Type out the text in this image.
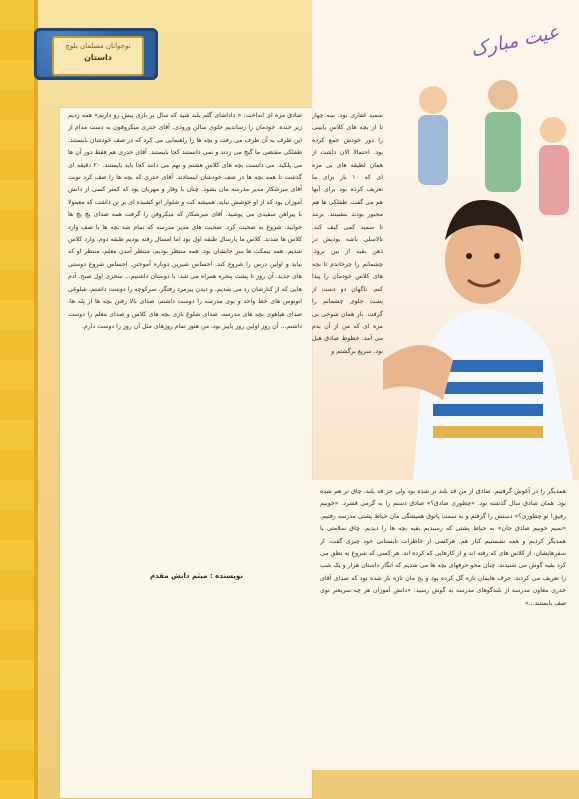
نوجوانان مسلمان بلوچ
داستان	عیت مبارک

صادق مزه ای انداخت: « داداشای گلم بلند شید که سال پر باری پیش رو داریم» همه زدیم زیر خنده. خودمان را رساندیم جلوی سالن ورودی. آقای خدری میکروفون به دست مدام از این طرف به آن طرف می رفت و بچه ها را راهنمایی می کرد که در صف خودشان بایستند. طفلکی مقتضی ما گیج می زدند و نمی دانستند کجا بایستند. آقای خدری هم فقط دور آن ها می پلکید. می دانست بچه های کلاس هشتم و نهم می دانند کجا باید بایستند. ۲۰ دقیقه ای گذشت تا همه بچه ها در صف خودشان ایستادند. آقای خدری که بچه ها را صف کرد نوبت آقای میرشکار مدیر مدرسه مان بشود. چنان با وقار و مهربان بود که کمتر کسی از دانش آموزان بود که از او خوشش نیاید. همیشه کت و شلوار اتو کشیده ای بر تن داشت که معمولا با پیراهن سفیدی می پوشید. آقای میرشکار که میکروفن را گرفت همه صدای پچ پچ ها خوابید. شروع به صحبت کرد. صحبت های مدیر مدرسه که تمام شد بچه ها با صف وارد کلاس ها شدند. کلاس ما پارسال طبقه اول بود اما امسال رفته بودیم طبقه دوم. وارد کلاس شدیم. همه نیمکت ها سر جایشان بود. همه منتظر بودیم، منتظر آمدن معلم، منتظر او که بیاید و اولین درس را شروع کند. احساس شیرین دوباره آموختن. احساس شروع دوستی های جدید. آن روز تا پشت پنجره همراه می شد. با دوستان داشتیم... سحری اول صبح. آدم هایی که از کنارشان رد می شدیم، و دیدن پیرمرد رفتگر. سرکوچه را دوست داشتم، شلوغی اتوبوس های خط واحد و بوی مدرسه را دوست داشتم، صدای بالا رفتن بچه ها از پله ها، صدای هیاهوی بچه های مدرسه، صدای شلوغ بازی بچه های کلاس و صدای معلم را دوست داشتم... آن روز اولین روز پاییز بود، من هنوز تمام روزهای مثل آن روز را دوست دارم.

سمید غفاری بود. سه چهار تا از بچه های کلاس پایینی را دور خودش جمع کرده بود. احتمالا الان داشت از همان لطیفه های بی مزه ای که ۱۰ بار برای ما تعریف کرده بود برای آنها هم می گفت. طفلکی ها هم مجبور بودند بنشینند. بزنند تا سمید کمی کیف کند. تالاسلی باشه بودیش در ذهن بقیه از بین نرود. چشمانم را چرخاندم تا بچه های کلاس خودمان را پیدا کنم. ناگهان دو دست از پشت جلوی چشمانم را گرفت. باز همان شوخی بی مزه ای که من از آن بدم می آمد. خطوط صادق هبل بود. سریع برگشتم و

همدیگر را در آغوش گرفتیم. صادق از من قد بلند تر شده بود ولی جز قد بلند، چاق تر هم شده بود. همان صادق سال گذشته بود. «چطوری صادق؟» صادق دستم را به گرمی فشرد. «خوبیم رفیق! تو چطوری؟» دستش را گرفتم و به سمت پاتوق همیشگی مان حیاط پشتی مدرسه رفتیم. «نمیم خوبیم صادق جان» به حیاط پشتی که رسیدیم بقیه بچه ها را دیدیم. چاق سلامتی با همدیگر کردیم و همه نشستیم کنار هم. هرکسی از خاطرات تابستانی خود چیزی گفت. از سفرهایشان، از کلاس های که رفته اند و از کارهایی که کرده اند. هر کسی که شروع به نطق می کرد بقیه گوش می شنیدند. چنان محو حرفهای بچه ها می شدیم که انگار داستان هزار و یک شب را تعریف می کردند. حرف هایمان تازه گل کرده بود و یخ مان تازه باز شده بود که صدای آقای خدری معاون مدرسه از بلندگوهای مدرسه به گوش رسید: «دانش آموزان هر چه سریعتر توی صف بایستند...»

نویسنده : میثم دانش مقدم
